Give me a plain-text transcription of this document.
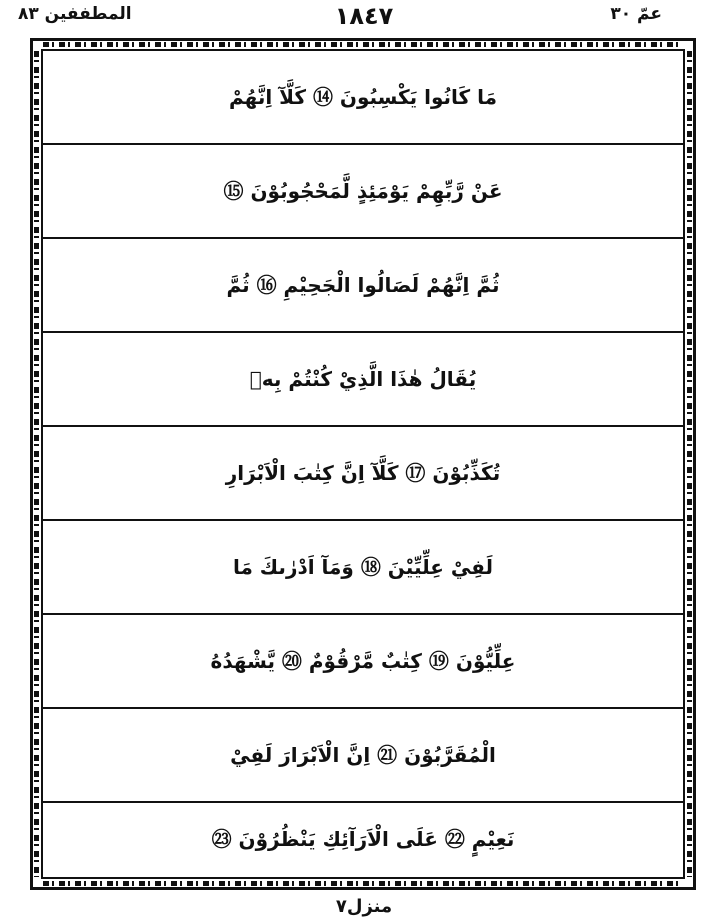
المطففين ٨٣	١٨٤٧	عمّ ٣٠
مَا كَانُوا يَكْسِبُونَ ⑭ كَلَّآ اِنَّهُمْ
عَنْ رَّبِّهِمْ يَوْمَئِذٍ لَّمَحْجُوبُوْنَ ⑮
ثُمَّ اِنَّهُمْ لَصَالُوا الْجَحِيْمِ ⑯ ثُمَّ
يُقَالُ هٰذَا الَّذِيْ كُنْتُمْ بِهٖ
تُكَذِّبُوْنَ ⑰ كَلَّآ اِنَّ كِتٰبَ الْاَبْرَارِ
لَفِيْ عِلِّيِّيْنَ ⑱ وَمَآ اَدْرٰىكَ مَا
عِلِّيُّوْنَ ⑲ كِتٰبٌ مَّرْقُوْمٌ ⑳ يَّشْهَدُهُ
الْمُقَرَّبُوْنَ ㉑ اِنَّ الْاَبْرَارَ لَفِيْ
نَعِيْمٍ ㉒ عَلَى الْاَرَآئِكِ يَنْظُرُوْنَ ㉓
منزل٧
